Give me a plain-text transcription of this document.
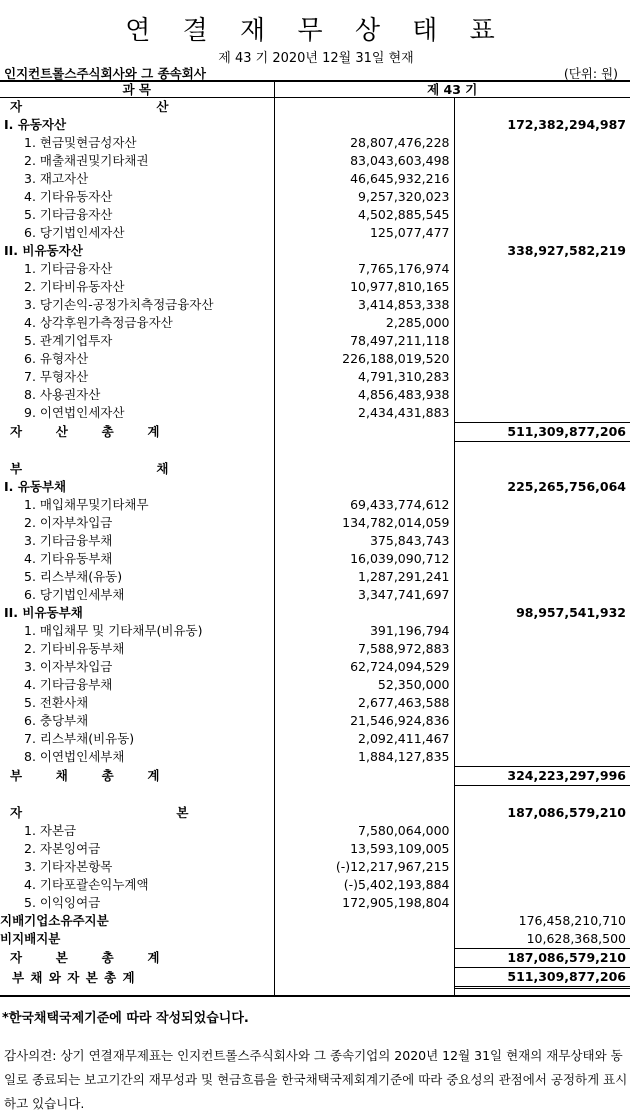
연 결 재 무 상 태 표
제 43 기 2020년 12월 31일 현재
인지컨트롤스주식회사와 그 종속회사	(단위: 원)
과 목	제 43 기	

자 산		

I. 유동자산		172,382,294,987
1. 현금및현금성자산	28,807,476,228	
2. 매출채권및기타채권	83,043,603,498	
3. 재고자산	46,645,932,216	
4. 기타유동자산	9,257,320,023	
5. 기타금융자산	4,502,885,545	
6. 당기법인세자산	125,077,477	
II. 비유동자산		338,927,582,219
1. 기타금융자산	7,765,176,974	
2. 기타비유동자산	10,977,810,165	
3. 당기손익-공정가치측정금융자산	3,414,853,338	
4. 상각후원가측정금융자산	2,285,000	
5. 관계기업투자	78,497,211,118	
6. 유형자산	226,188,019,520	
7. 무형자산	4,791,310,283	
8. 사용권자산	4,856,483,938	
9. 이연법인세자산	2,434,431,883	

자 산 총 계		511,309,877,206

부 채		

I. 유동부채		225,265,756,064
1. 매입채무및기타채무	69,433,774,612	
2. 이자부차입금	134,782,014,059	
3. 기타금융부채	375,843,743	
4. 기타유동부채	16,039,090,712	
5. 리스부채(유동)	1,287,291,241	
6. 당기법인세부채	3,347,741,697	
II. 비유동부채		98,957,541,932
1. 매입채무 및 기타채무(비유동)	391,196,794	
2. 기타비유동부채	7,588,972,883	
3. 이자부차입금	62,724,094,529	
4. 기타금융부채	52,350,000	
5. 전환사채	2,677,463,588	
6. 충당부채	21,546,924,836	
7. 리스부채(비유동)	2,092,411,467	
8. 이연법인세부채	1,884,127,835	

부 채 총 계		324,223,297,996

자 본		187,086,579,210
1. 자본금	7,580,064,000	
2. 자본잉여금	13,593,109,005	
3. 기타자본항목	(-)12,217,967,215	
4. 기타포괄손익누계액	(-)5,402,193,884	
5. 이익잉여금	172,905,198,804	
지배기업소유주지분		176,458,210,710
비지배지분		10,628,368,500

자 본 총 계		187,086,579,210
부 채 와 자 본 총 계		511,309,877,206
*한국채택국제기준에 따라 작성되었습니다.
감사의견: 상기 연결재무제표는 인지컨트롤스주식회사와 그 종속기업의 2020년 12월 31일 현재의 재무상태와 동일로 종료되는 보고기간의 재무성과 및 현금흐름을 한국채택국제회계기준에 따라 중요성의 관점에서 공정하게 표시하고 있습니다.
